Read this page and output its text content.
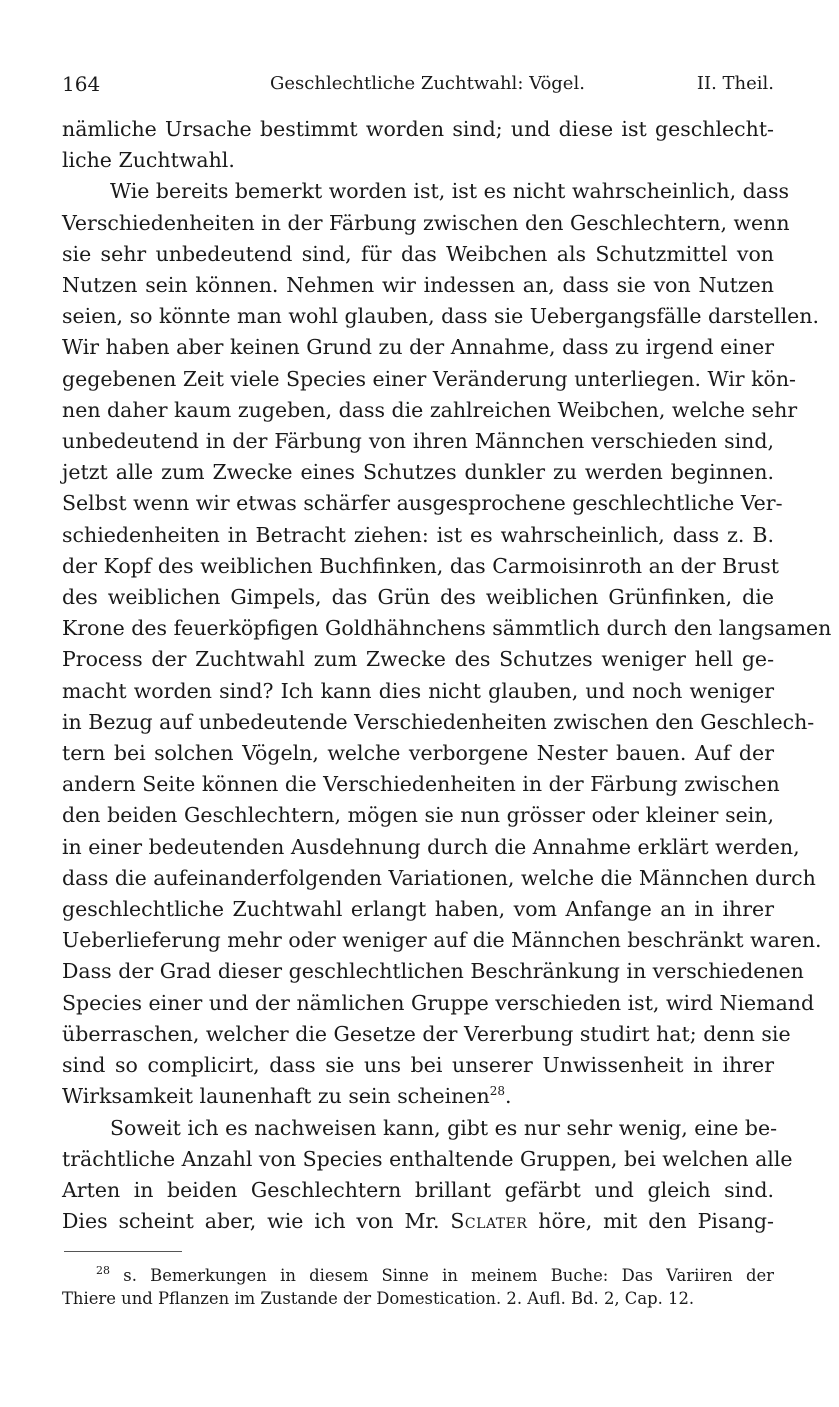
164	Geschlechtliche Zuchtwahl: Vögel.	II. Theil.
nämliche Ursache bestimmt worden sind; und diese ist geschlecht-
liche Zuchtwahl.
Wie bereits bemerkt worden ist, ist es nicht wahrscheinlich, dass
Verschiedenheiten in der Färbung zwischen den Geschlechtern, wenn
sie sehr unbedeutend sind, für das Weibchen als Schutzmittel von
Nutzen sein können. Nehmen wir indessen an, dass sie von Nutzen
seien, so könnte man wohl glauben, dass sie Uebergangsfälle darstellen.
Wir haben aber keinen Grund zu der Annahme, dass zu irgend einer
gegebenen Zeit viele Species einer Veränderung unterliegen. Wir kön-
nen daher kaum zugeben, dass die zahlreichen Weibchen, welche sehr
unbedeutend in der Färbung von ihren Männchen verschieden sind,
jetzt alle zum Zwecke eines Schutzes dunkler zu werden beginnen.
Selbst wenn wir etwas schärfer ausgesprochene geschlechtliche Ver-
schiedenheiten in Betracht ziehen: ist es wahrscheinlich, dass z. B.
der Kopf des weiblichen Buchfinken, das Carmoisinroth an der Brust
des weiblichen Gimpels, das Grün des weiblichen Grünfinken, die
Krone des feuerköpfigen Goldhähnchens sämmtlich durch den langsamen
Process der Zuchtwahl zum Zwecke des Schutzes weniger hell ge-
macht worden sind? Ich kann dies nicht glauben, und noch weniger
in Bezug auf unbedeutende Verschiedenheiten zwischen den Geschlech-
tern bei solchen Vögeln, welche verborgene Nester bauen. Auf der
andern Seite können die Verschiedenheiten in der Färbung zwischen
den beiden Geschlechtern, mögen sie nun grösser oder kleiner sein,
in einer bedeutenden Ausdehnung durch die Annahme erklärt werden,
dass die aufeinanderfolgenden Variationen, welche die Männchen durch
geschlechtliche Zuchtwahl erlangt haben, vom Anfange an in ihrer
Ueberlieferung mehr oder weniger auf die Männchen beschränkt waren.
Dass der Grad dieser geschlechtlichen Beschränkung in verschiedenen
Species einer und der nämlichen Gruppe verschieden ist, wird Niemand
überraschen, welcher die Gesetze der Vererbung studirt hat; denn sie
sind so complicirt, dass sie uns bei unserer Unwissenheit in ihrer
Wirksamkeit launenhaft zu sein scheinen$^{28}$.
Soweit ich es nachweisen kann, gibt es nur sehr wenig, eine be-
trächtliche Anzahl von Species enthaltende Gruppen, bei welchen alle
Arten in beiden Geschlechtern brillant gefärbt und gleich sind.
Dies scheint aber, wie ich von Mr. Sclater höre, mit den Pisang-
$^{28}$ s. Bemerkungen in diesem Sinne in meinem Buche: Das Variiren der
Thiere und Pflanzen im Zustande der Domestication. 2. Aufl. Bd. 2, Cap. 12.
